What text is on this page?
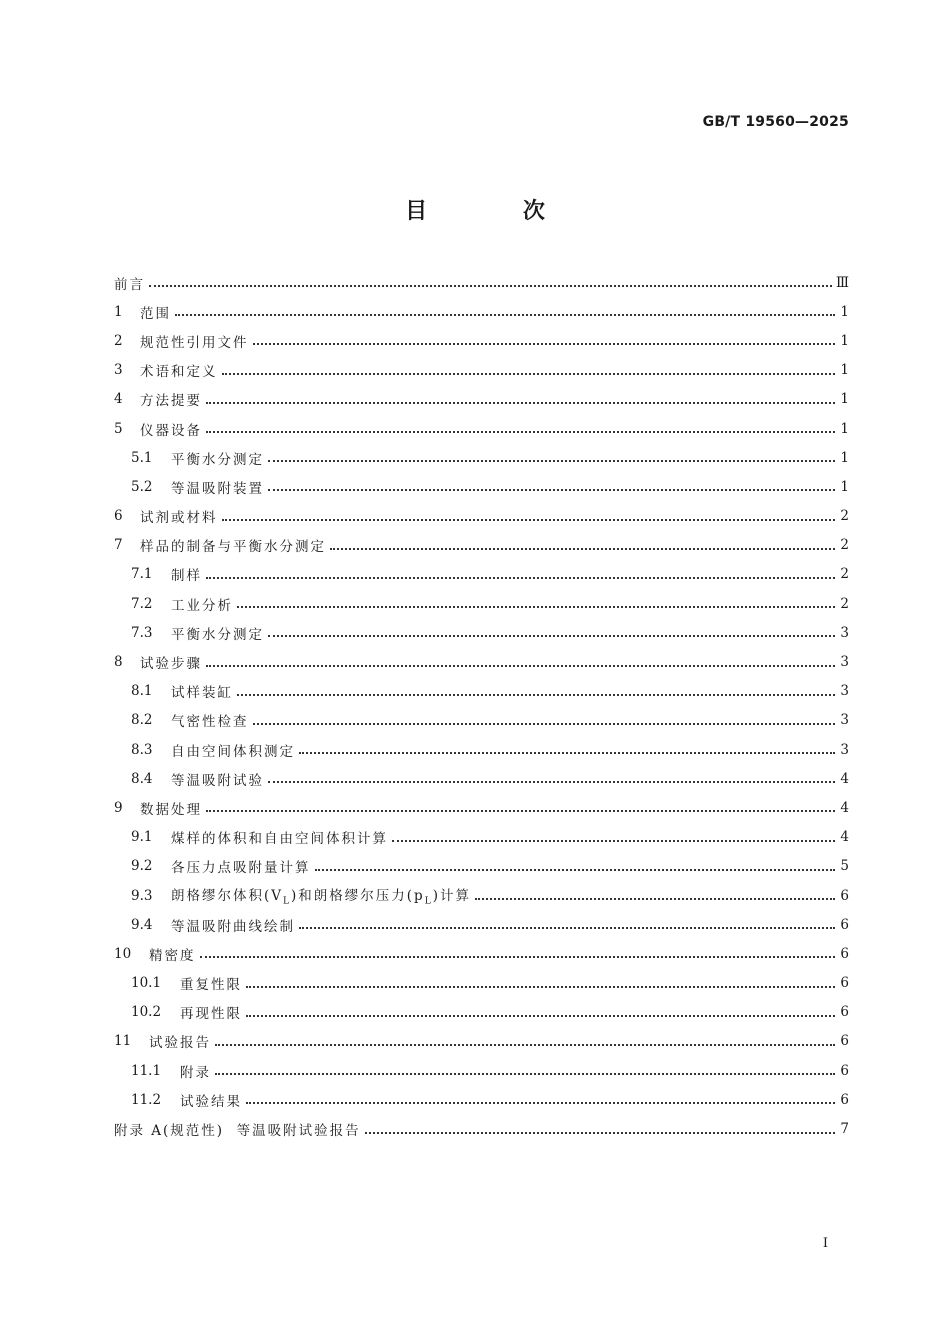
GB/T 19560—2025
目 次
前言	Ⅲ
1	范围	1
2	规范性引用文件	1
3	术语和定义	1
4	方法提要	1
5	仪器设备	1
5.1	平衡水分测定	1
5.2	等温吸附装置	1
6	试剂或材料	2
7	样品的制备与平衡水分测定	2
7.1	制样	2
7.2	工业分析	2
7.3	平衡水分测定	3
8	试验步骤	3
8.1	试样装缸	3
8.2	气密性检查	3
8.3	自由空间体积测定	3
8.4	等温吸附试验	4
9	数据处理	4
9.1	煤样的体积和自由空间体积计算	4
9.2	各压力点吸附量计算	5
9.3	朗格缪尔体积$(V_L)$和朗格缪尔压力$(p_L)$计算	6
9.4	等温吸附曲线绘制	6
10	精密度	6
10.1	重复性限	6
10.2	再现性限	6
11	试验报告	6
11.1	附录	6
11.2	试验结果	6
附录 A(规范性)  等温吸附试验报告	7
I
